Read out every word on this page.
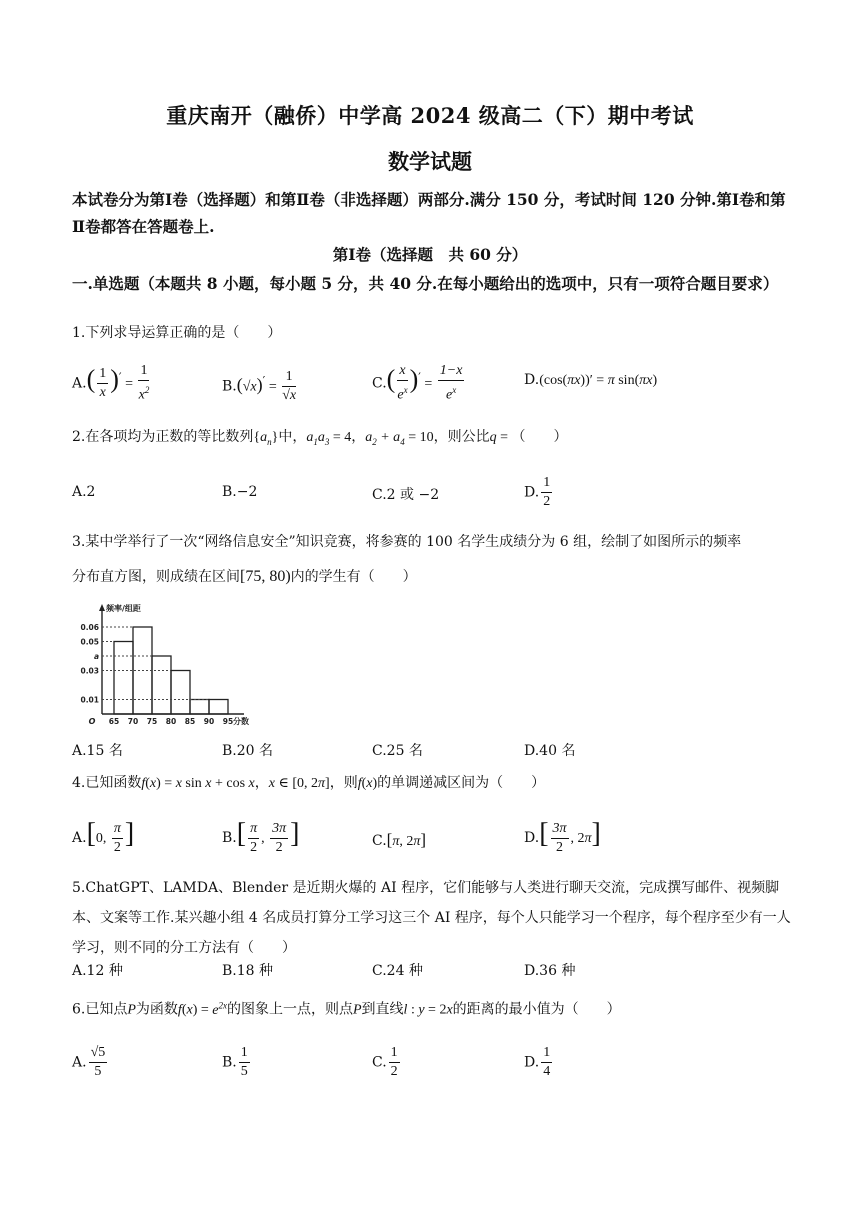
重庆南开（融侨）中学高 2024 级高二（下）期中考试
数学试题
本试卷分为第Ⅰ卷（选择题）和第Ⅱ卷（非选择题）两部分.满分 150 分，考试时间 120 分钟.第Ⅰ卷和第Ⅱ卷都答在答题卷上.
第Ⅰ卷（选择题　共 60 分）
一.单选题（本题共 8 小题，每小题 5 分，共 40 分.在每小题给出的选项中，只有一项符合题目要求）
1.下列求导运算正确的是（　　）
$A.( \frac{1}{x} )' = \frac{1}{x^2}$	$B.(√x)' = \frac{1}{√x}$	$C.( \frac{x}{e^x} )' = \frac{1-x}{e^x}$	D.(cos(πx))′ = π sin(πx)
2.在各项均为正数的等比数列$\{a_n\}$中，$a_1a_3 = 4$，$a_2 + a_4 = 10$，则公比q = （　　）
A.2	B.−2	C.2 或 −2	D. $\frac{1}{2}$
3.某中学举行了一次“网络信息安全”知识竞赛，将参赛的 100 名学生成绩分为 6 组，绘制了如图所示的频率
分布直方图，则成绩在区间[75, 80)内的学生有（　　）
0.06
0.05
a
0.03
0.01
65 70 75 80 85 90 95
O	分数
频率/组距
A.15 名	B.20 名	C.25 名	D.40 名
4.已知函数f(x) = x sin x + cos x，x ∈ [0, 2π]，则f(x)的单调递减区间为（　　）
A.[0, $\frac{\pi}{2}$ ]	$B.[ \frac{\pi}{2}$ , $\frac{3\pi}{2}$ ]	C.[π, 2π]	$D.[ \frac{3\pi}{2}$ , 2π]
5.ChatGPT、LAMDA、Blender 是近期火爆的 AI 程序，它们能够与人类进行聊天交流，完成撰写邮件、视频脚本、文案等工作.某兴趣小组 4 名成员打算分工学习这三个 AI 程序，每个人只能学习一个程序，每个程序至少有一人学习，则不同的分工方法有（　　）
A.12 种	B.18 种	C.24 种	D.36 种
6.已知点P为函数$f(x) = e^{2x}$的图象上一点，则点P到直线l : y = 2x的距离的最小值为（　　）
A. $\frac{√5}{5}$	B. $\frac{1}{5}$	C. $\frac{1}{2}$	D. $\frac{1}{4}$
